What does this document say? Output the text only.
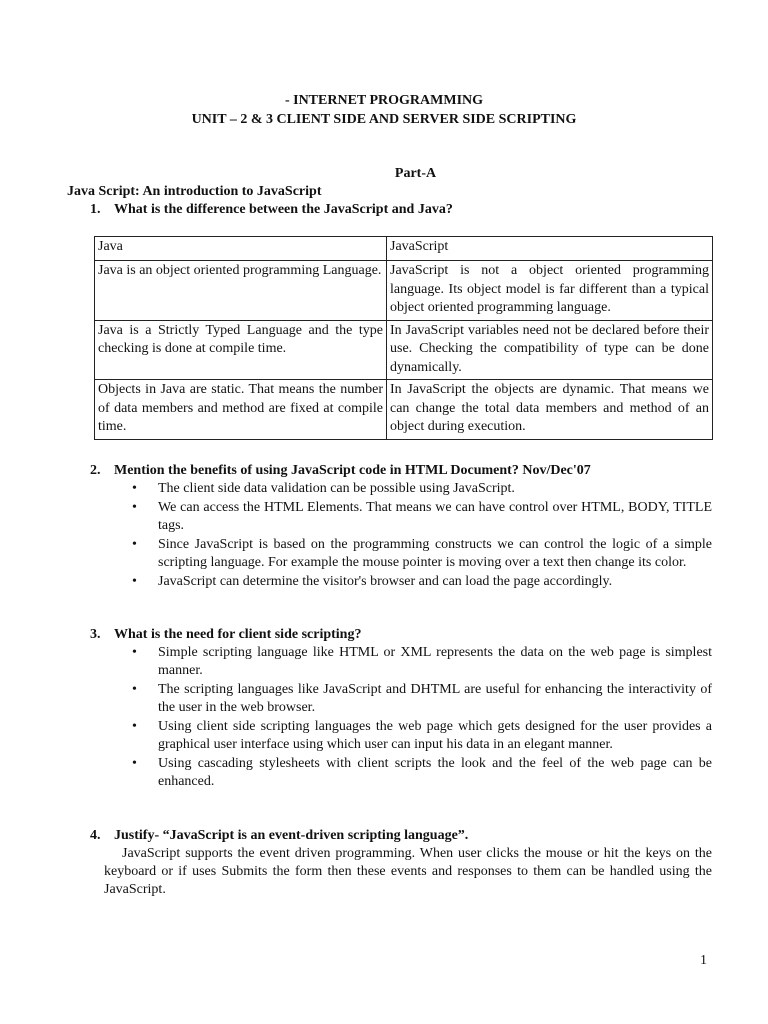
- INTERNET PROGRAMMING
UNIT – 2 & 3 CLIENT SIDE AND SERVER SIDE SCRIPTING
Part-A
Java Script: An introduction to JavaScript
1. What is the difference between the JavaScript and Java?
Java	JavaScript
Java is an object oriented programming Language.	JavaScript is not a object oriented programming language. Its object model is far different than a typical object oriented programming language.
Java is a Strictly Typed Language and the type checking is done at compile time.	In JavaScript variables need not be declared before their use. Checking the compatibility of type can be done dynamically.
Objects in Java are static. That means the number of data members and method are fixed at compile time.	In JavaScript the objects are dynamic. That means we can change the total data members and method of an object during execution.
2. Mention the benefits of using JavaScript code in HTML Document? Nov/Dec'07
• The client side data validation can be possible using JavaScript.
• We can access the HTML Elements. That means we can have control over HTML, BODY, TITLE tags.
• Since JavaScript is based on the programming constructs we can control the logic of a simple scripting language. For example the mouse pointer is moving over a text then change its color.
• JavaScript can determine the visitor's browser and can load the page accordingly.
3. What is the need for client side scripting?
• Simple scripting language like HTML or XML represents the data on the web page is simplest manner.
• The scripting languages like JavaScript and DHTML are useful for enhancing the interactivity of the user in the web browser.
• Using client side scripting languages the web page which gets designed for the user provides a graphical user interface using which user can input his data in an elegant manner.
• Using cascading stylesheets with client scripts the look and the feel of the web page can be enhanced.
4. Justify- “JavaScript is an event-driven scripting language”.
JavaScript supports the event driven programming. When user clicks the mouse or hit the keys on the keyboard or if uses Submits the form then these events and responses to them can be handled using the JavaScript.
1
